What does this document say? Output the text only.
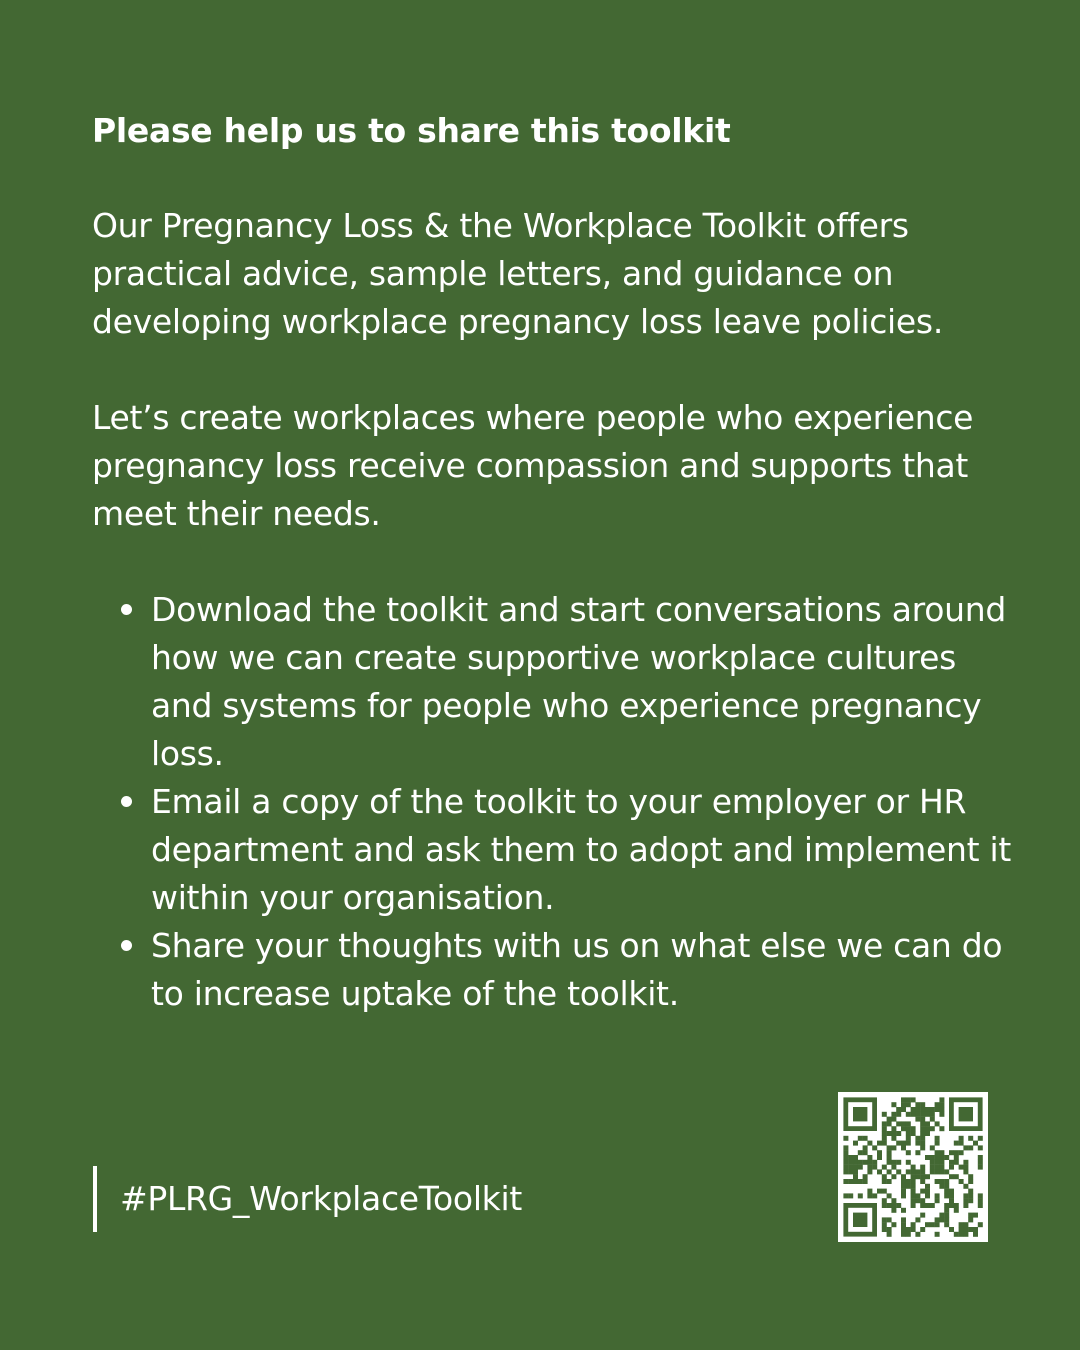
Please help us to share this toolkit

Our Pregnancy Loss & the Workplace Toolkit offers practical advice, sample letters, and guidance on developing workplace pregnancy loss leave policies.

Let’s create workplaces where people who experience pregnancy loss receive compassion and supports that meet their needs.

Download the toolkit and start conversations around how we can create supportive workplace cultures and systems for people who experience pregnancy loss.
Email a copy of the toolkit to your employer or HR department and ask them to adopt and implement it within your organisation.
Share your thoughts with us on what else we can do to increase uptake of the toolkit.
#PLRG_WorkplaceToolkit
